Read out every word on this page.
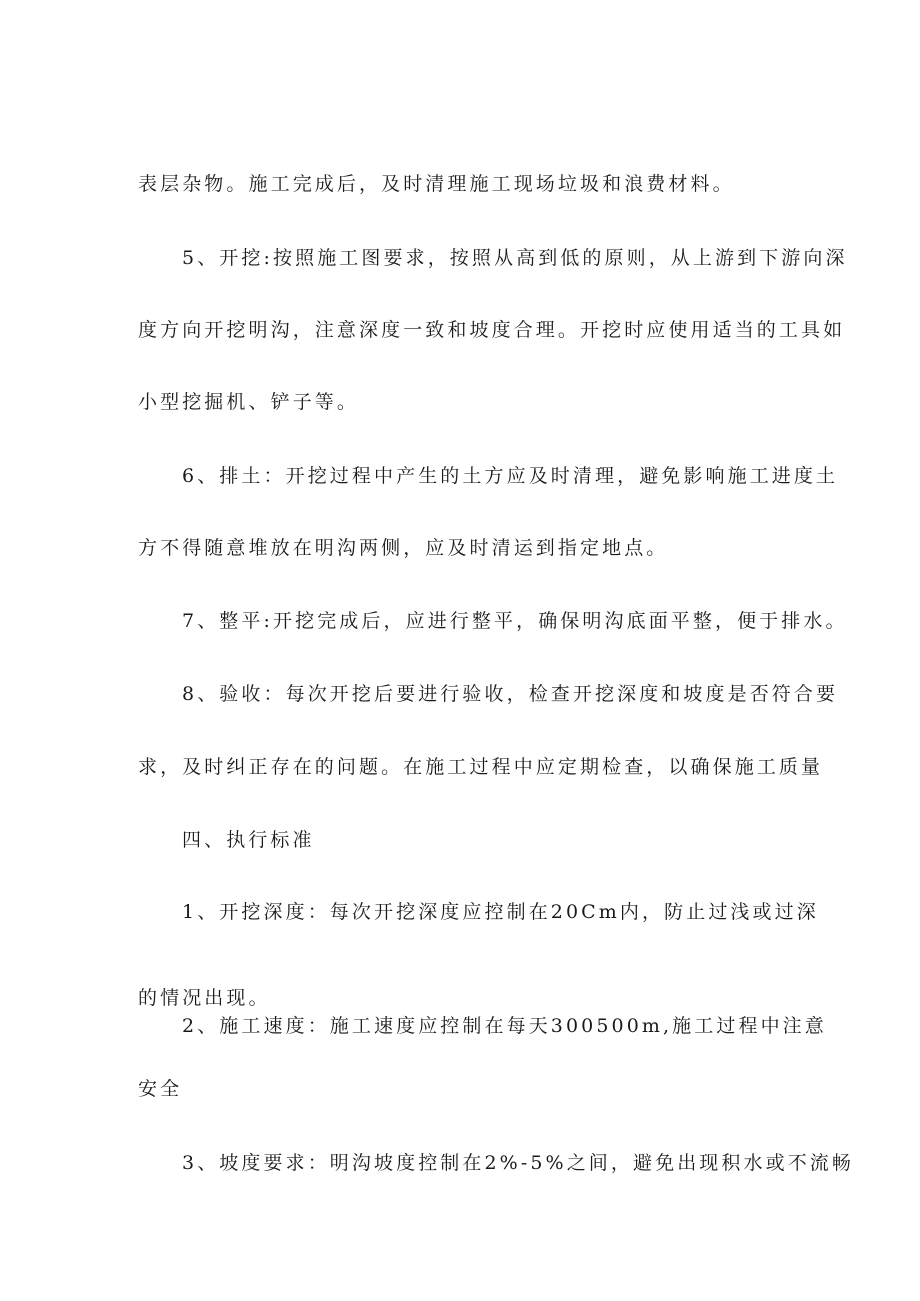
表层杂物。施工完成后，及时清理施工现场垃圾和浪费材料。
5、开挖:按照施工图要求，按照从高到低的原则，从上游到下游向深
度方向开挖明沟，注意深度一致和坡度合理。开挖时应使用适当的工具如
小型挖掘机、铲子等。
6、排土：开挖过程中产生的土方应及时清理，避免影响施工进度土
方不得随意堆放在明沟两侧，应及时清运到指定地点。
7、整平:开挖完成后，应进行整平，确保明沟底面平整，便于排水。
8、验收：每次开挖后要进行验收，检查开挖深度和坡度是否符合要
求，及时纠正存在的问题。在施工过程中应定期检查，以确保施工质量
四、执行标准
1、开挖深度：每次开挖深度应控制在20Cm内，防止过浅或过深
的情况出现。
2、施工速度：施工速度应控制在每天300500m,施工过程中注意
安全
3、坡度要求：明沟坡度控制在2%-5%之间，避免出现积水或不流畅
